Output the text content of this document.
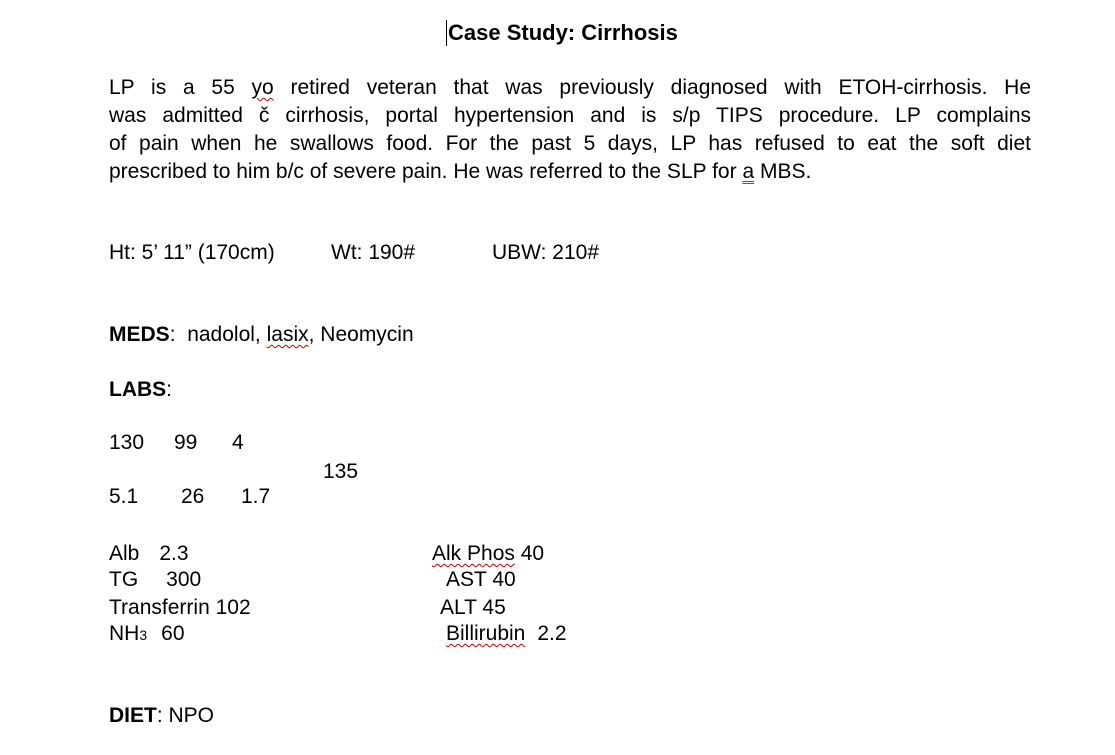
Case Study: Cirrhosis
LP is a 55 yo retired veteran that was previously diagnosed with ETOH-cirrhosis. He
was admitted č cirrhosis, portal hypertension and is s/p TIPS procedure. LP complains
of pain when he swallows food. For the past 5 days, LP has refused to eat the soft diet
prescribed to him b/c of severe pain. He was referred to the SLP for a MBS.
Ht: 5’ 11” (170cm)	Wt: 190#	UBW: 210#
MEDS:  nadolol, lasix, Neomycin
LABS:
130 99 4
135
5.1 26 1.7
Alb 2.3
TG 300
Transferrin 102
NH3 60
Alk Phos 40
AST 40
ALT 45
Billirubin 2.2
DIET: NPO
